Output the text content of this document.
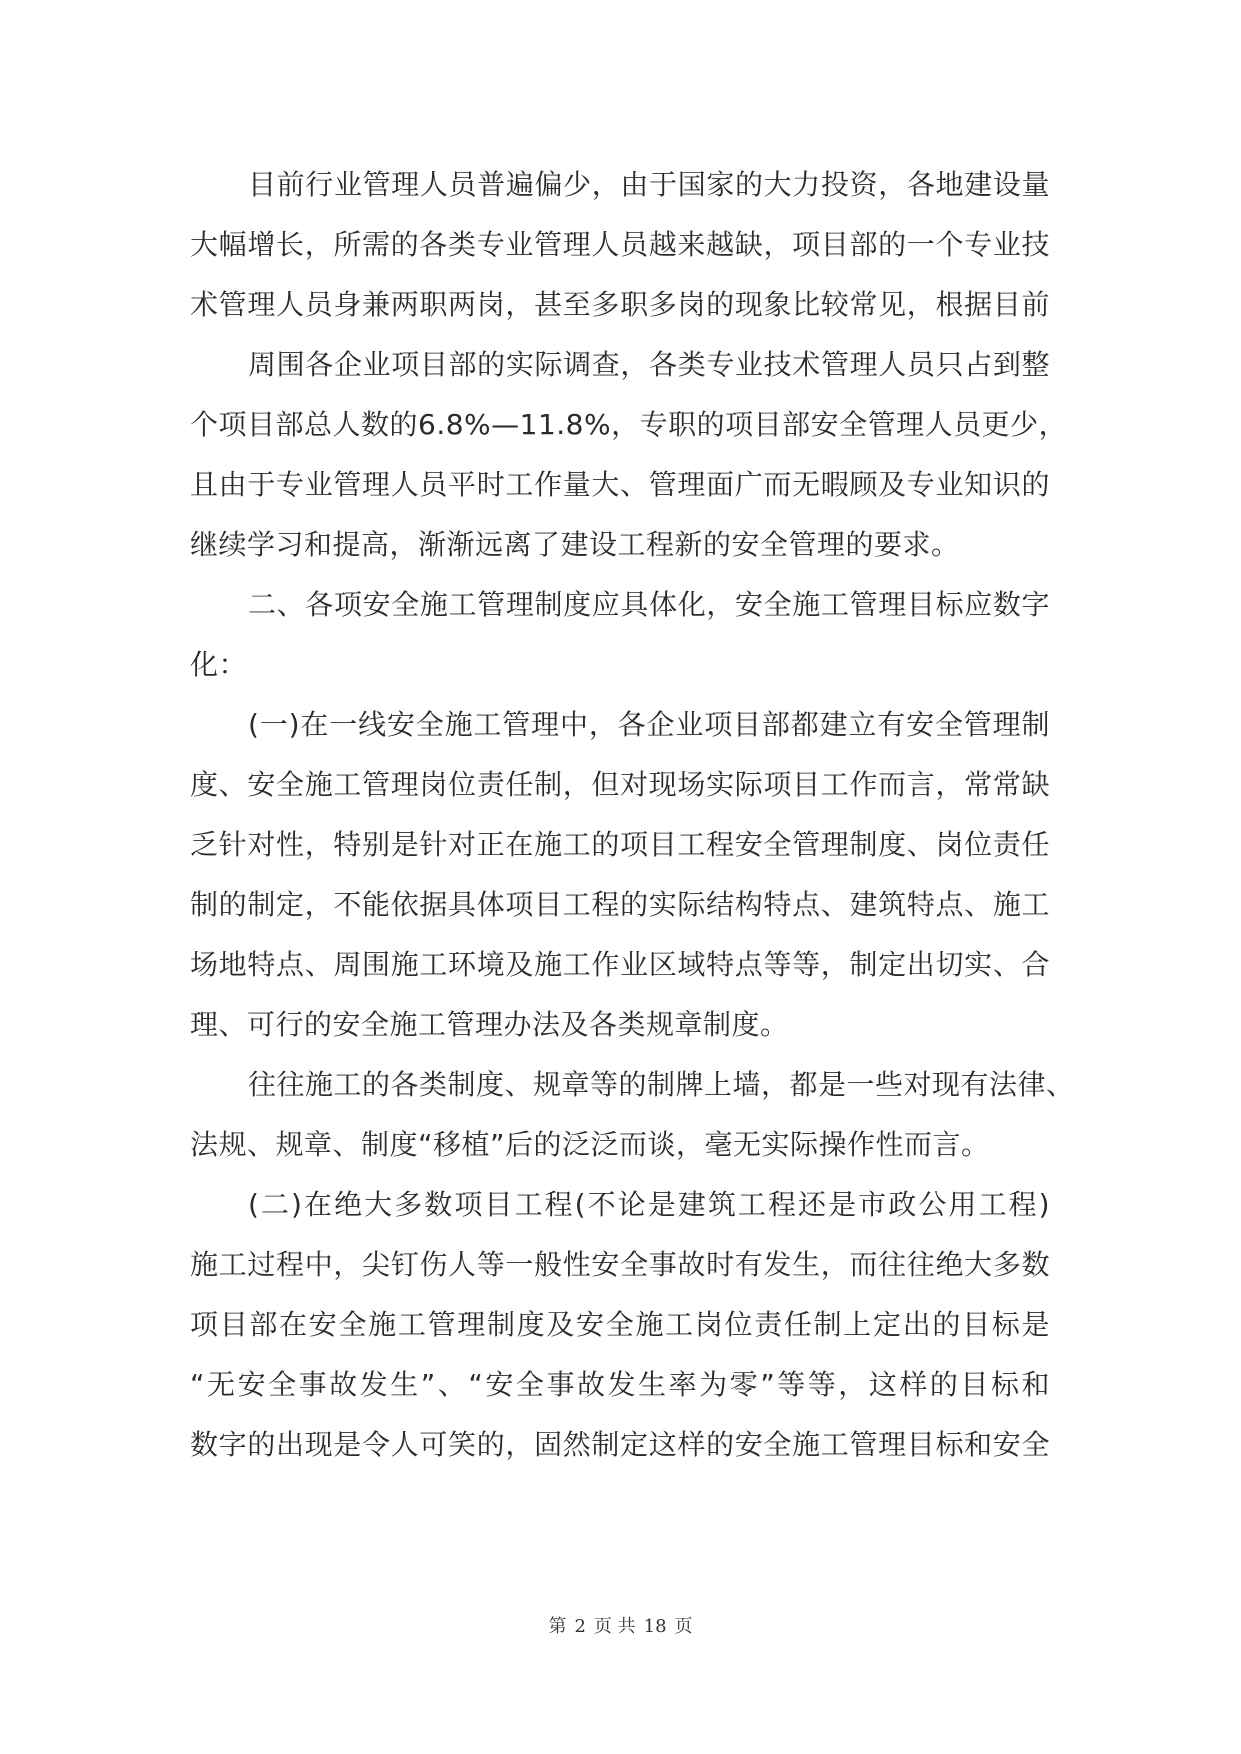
目前行业管理人员普遍偏少，由于国家的大力投资，各地建设量
大幅增长，所需的各类专业管理人员越来越缺，项目部的一个专业技
术管理人员身兼两职两岗，甚至多职多岗的现象比较常见，根据目前
周围各企业项目部的实际调查，各类专业技术管理人员只占到整
个项目部总人数的6.8%—11.8%，专职的项目部安全管理人员更少，
且由于专业管理人员平时工作量大、管理面广而无暇顾及专业知识的
继续学习和提高，渐渐远离了建设工程新的安全管理的要求。
二、各项安全施工管理制度应具体化，安全施工管理目标应数字
化：
(一)在一线安全施工管理中，各企业项目部都建立有安全管理制
度、安全施工管理岗位责任制，但对现场实际项目工作而言，常常缺
乏针对性，特别是针对正在施工的项目工程安全管理制度、岗位责任
制的制定，不能依据具体项目工程的实际结构特点、建筑特点、施工
场地特点、周围施工环境及施工作业区域特点等等，制定出切实、合
理、可行的安全施工管理办法及各类规章制度。
往往施工的各类制度、规章等的制牌上墙，都是一些对现有法律、
法规、规章、制度“移植”后的泛泛而谈，毫无实际操作性而言。
(二)在绝大多数项目工程(不论是建筑工程还是市政公用工程)
施工过程中，尖钉伤人等一般性安全事故时有发生，而往往绝大多数
项目部在安全施工管理制度及安全施工岗位责任制上定出的目标是
“无安全事故发生”、“安全事故发生率为零”等等，这样的目标和
数字的出现是令人可笑的，固然制定这样的安全施工管理目标和安全
第 2 页 共 18 页
